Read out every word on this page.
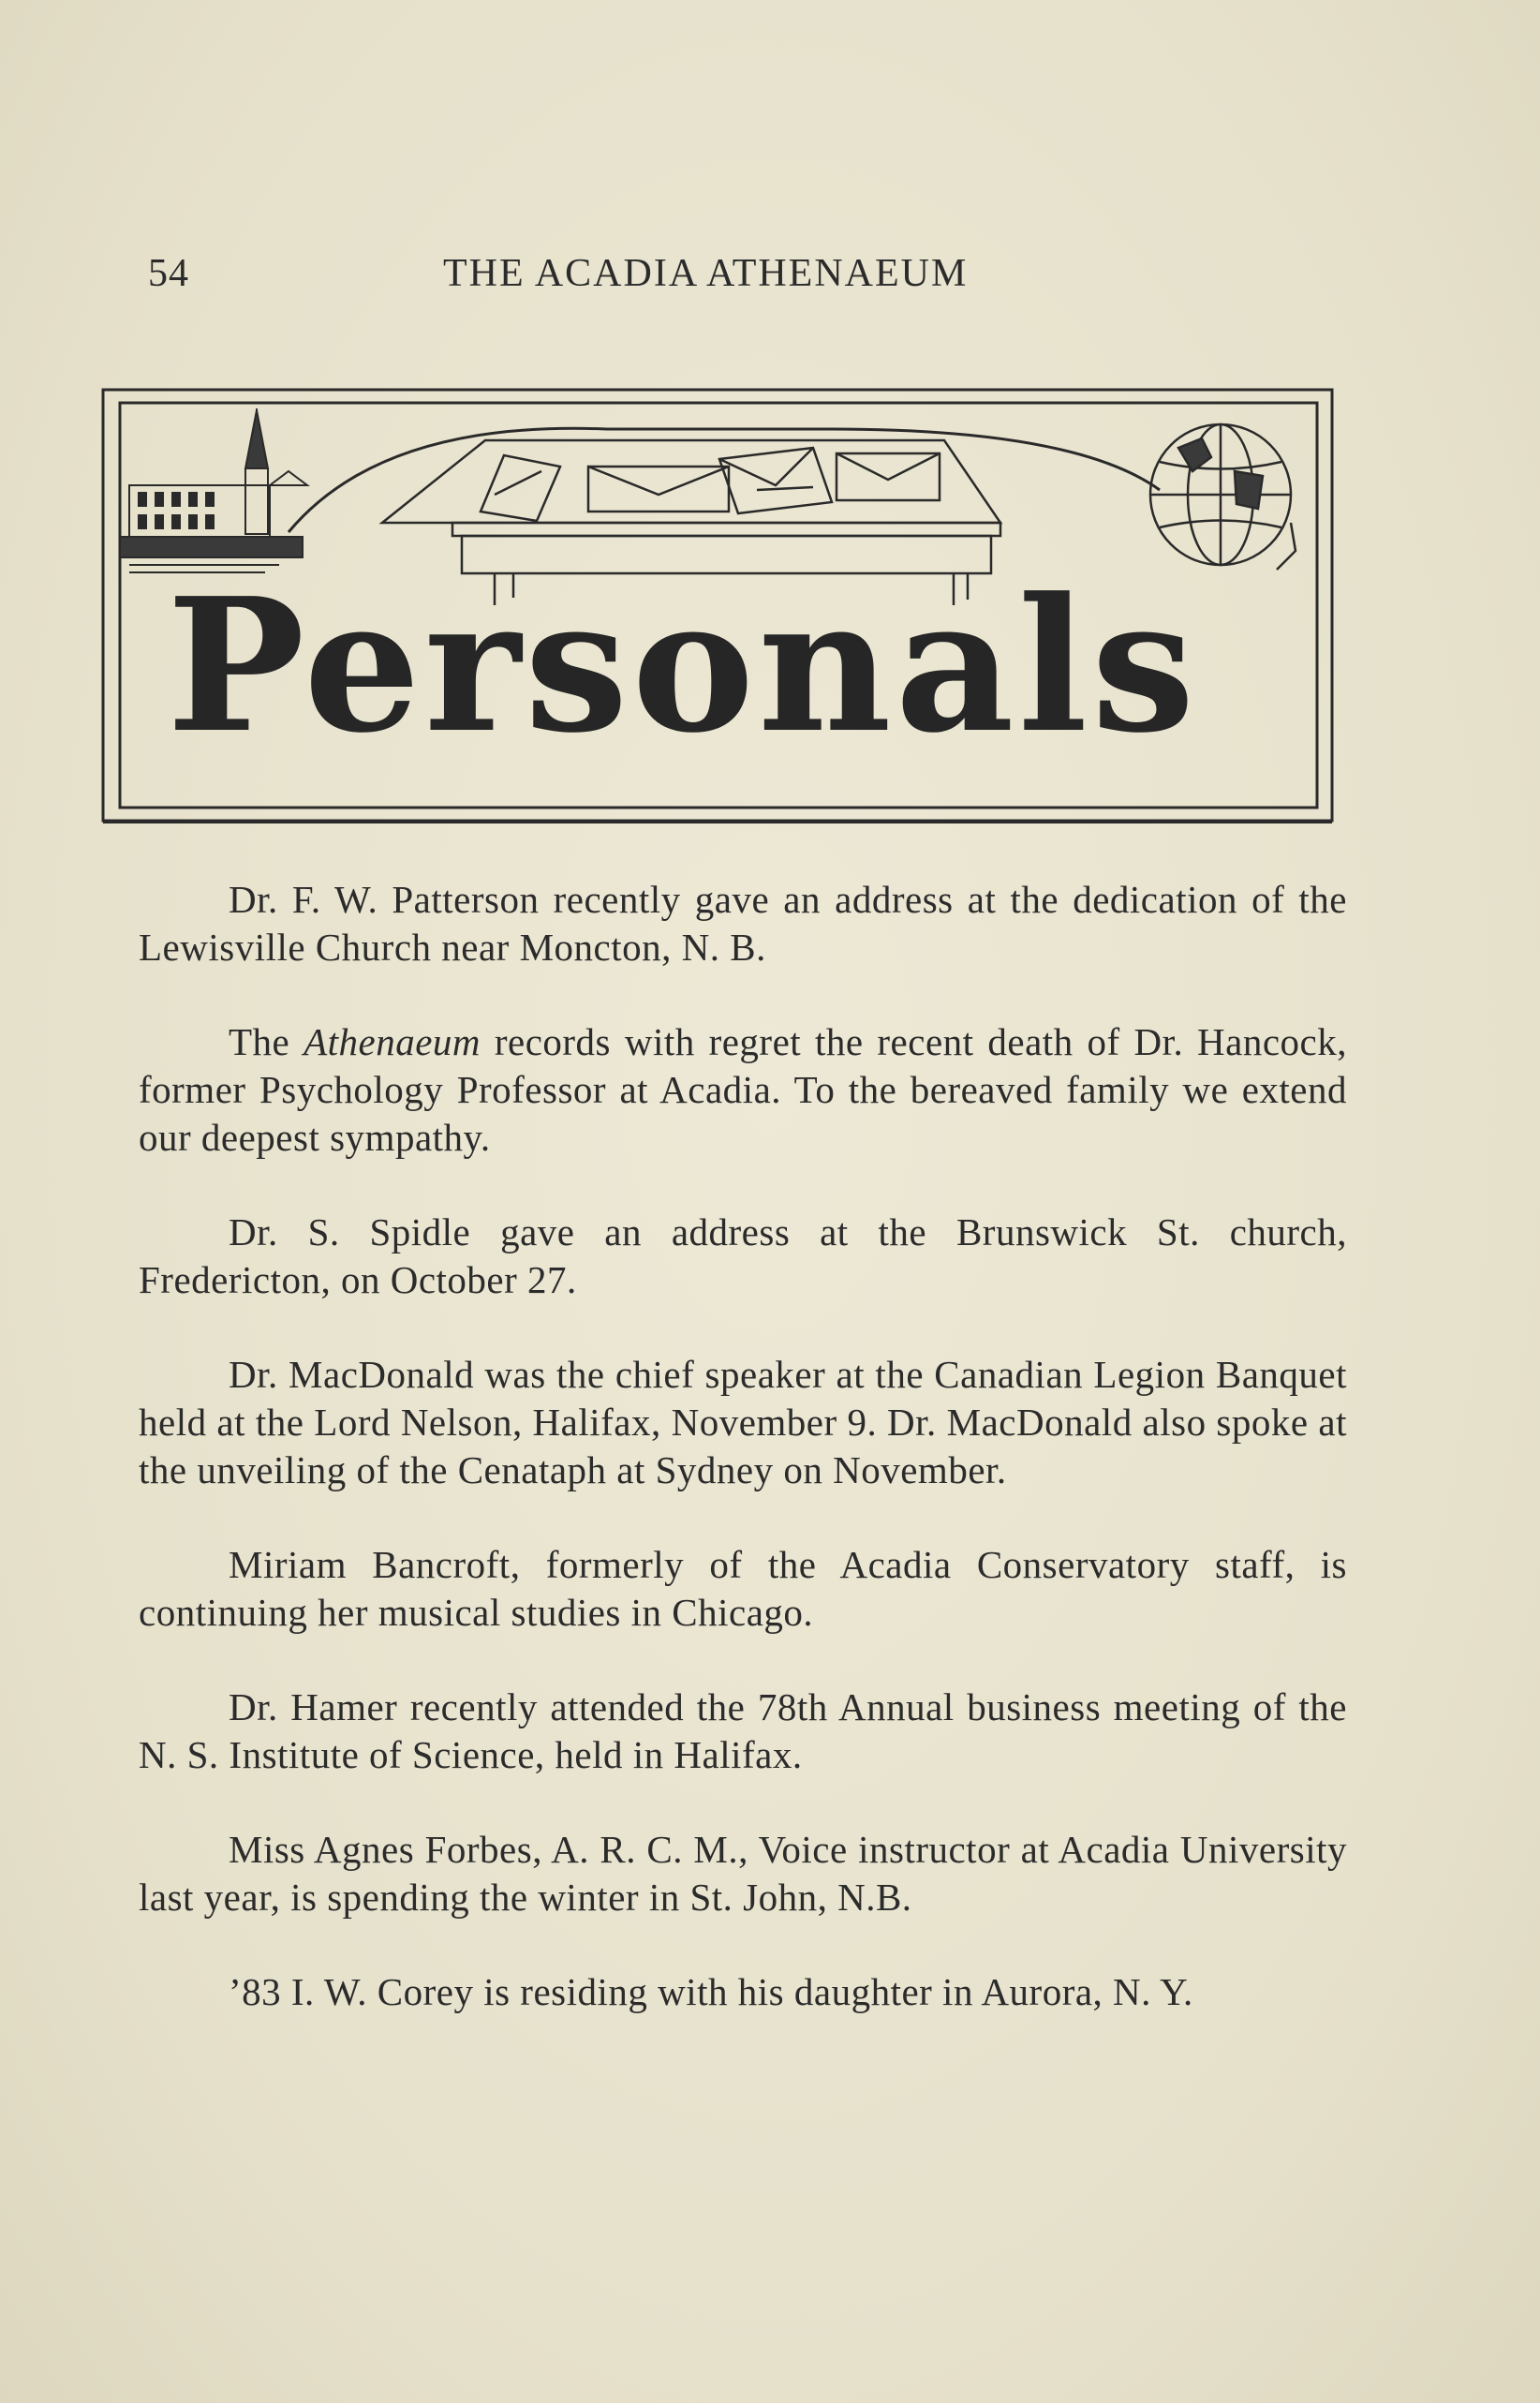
54	THE ACADIA ATHENAEUM
Personals

Dr. F. W. Patterson recently gave an address at the dedication of the Lewisville Church near Moncton, N. B.

The Athenaeum records with regret the recent death of Dr. Hancock, former Psychology Professor at Acadia. To the bereaved family we extend our deepest sympathy.

Dr. S. Spidle gave an address at the Brunswick St. church, Fredericton, on October 27.

Dr. MacDonald was the chief speaker at the Canadian Legion Banquet held at the Lord Nelson, Halifax, November 9. Dr. MacDonald also spoke at the unveiling of the Cenataph at Sydney on November.

Miriam Bancroft, formerly of the Acadia Conservatory staff, is continuing her musical studies in Chicago.

Dr. Hamer recently attended the 78th Annual business meeting of the N. S. Institute of Science, held in Halifax.

Miss Agnes Forbes, A. R. C. M., Voice instructor at Acadia University last year, is spending the winter in St. John, N.B.

’83 I. W. Corey is residing with his daughter in Aurora, N. Y.
